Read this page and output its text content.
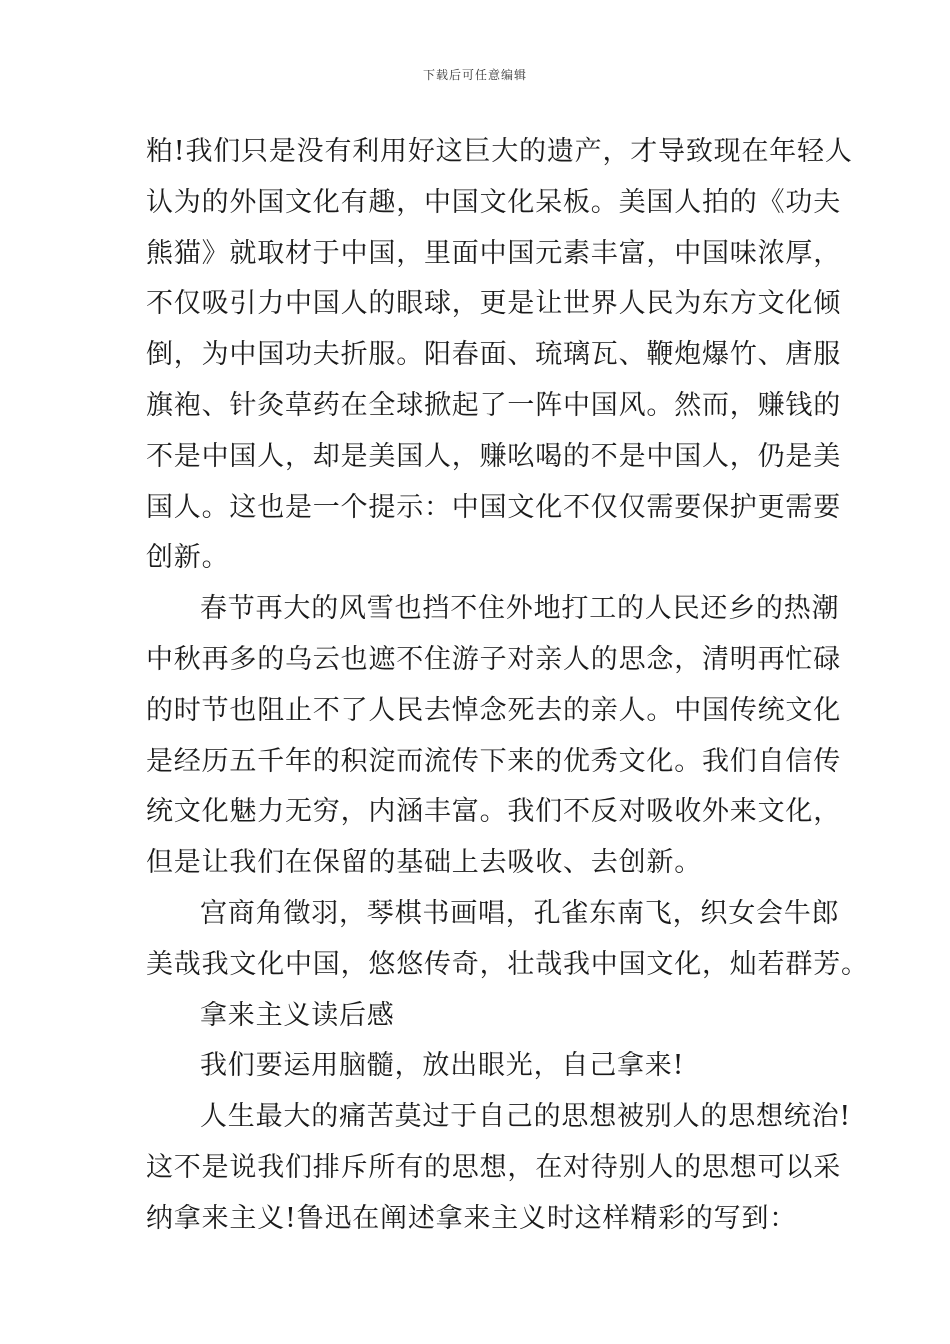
下载后可任意编辑
粕!我们只是没有利用好这巨大的遗产，才导致现在年轻人
认为的外国文化有趣，中国文化呆板。美国人拍的《功夫
熊猫》就取材于中国，里面中国元素丰富，中国味浓厚，
不仅吸引力中国人的眼球，更是让世界人民为东方文化倾
倒，为中国功夫折服。阳春面、琉璃瓦、鞭炮爆竹、唐服
旗袍、针灸草药在全球掀起了一阵中国风。然而，赚钱的
不是中国人，却是美国人，赚吆喝的不是中国人，仍是美
国人。这也是一个提示：中国文化不仅仅需要保护更需要
创新。
春节再大的风雪也挡不住外地打工的人民还乡的热潮
中秋再多的乌云也遮不住游子对亲人的思念，清明再忙碌
的时节也阻止不了人民去悼念死去的亲人。中国传统文化
是经历五千年的积淀而流传下来的优秀文化。我们自信传
统文化魅力无穷，内涵丰富。我们不反对吸收外来文化，
但是让我们在保留的基础上去吸收、去创新。
宫商角徵羽，琴棋书画唱，孔雀东南飞，织女会牛郎
美哉我文化中国，悠悠传奇，壮哉我中国文化，灿若群芳。
拿来主义读后感
我们要运用脑髓，放出眼光，自己拿来!
人生最大的痛苦莫过于自己的思想被别人的思想统治!
这不是说我们排斥所有的思想，在对待别人的思想可以采
纳拿来主义!鲁迅在阐述拿来主义时这样精彩的写到：
